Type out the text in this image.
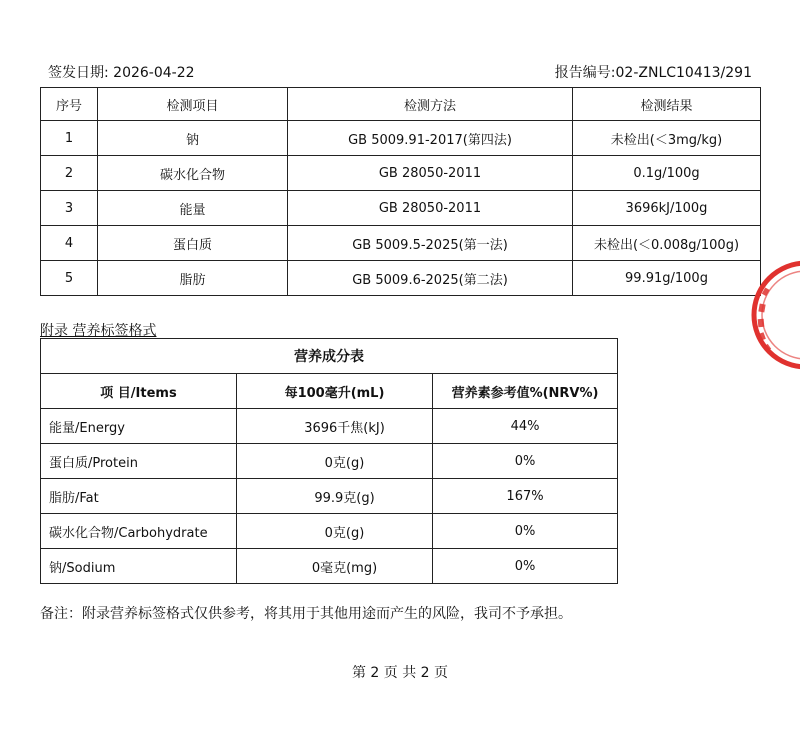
签发日期: 2026-04-22	报告编号:02-ZNLC10413/291
序号	检测项目	检测方法	检测结果
1	钠	GB 5009.91-2017(第四法)	未检出(＜3mg/kg)
2	碳水化合物	GB 28050-2011	0.1g/100g
3	能量	GB 28050-2011	3696kJ/100g
4	蛋白质	GB 5009.5-2025(第一法)	未检出(＜0.008g/100g)
5	脂肪	GB 5009.6-2025(第二法)	99.91g/100g
附录 营养标签格式
营养成分表		
项 目/Items	每100毫升(mL)	营养素参考值%(NRV%)
能量/Energy	3696千焦(kJ)	44%
蛋白质/Protein	0克(g)	0%
脂肪/Fat	99.9克(g)	167%
碳水化合物/Carbohydrate	0克(g)	0%
钠/Sodium	0毫克(mg)	0%
备注：附录营养标签格式仅供参考，将其用于其他用途而产生的风险，我司不予承担。
第 2 页 共 2 页
